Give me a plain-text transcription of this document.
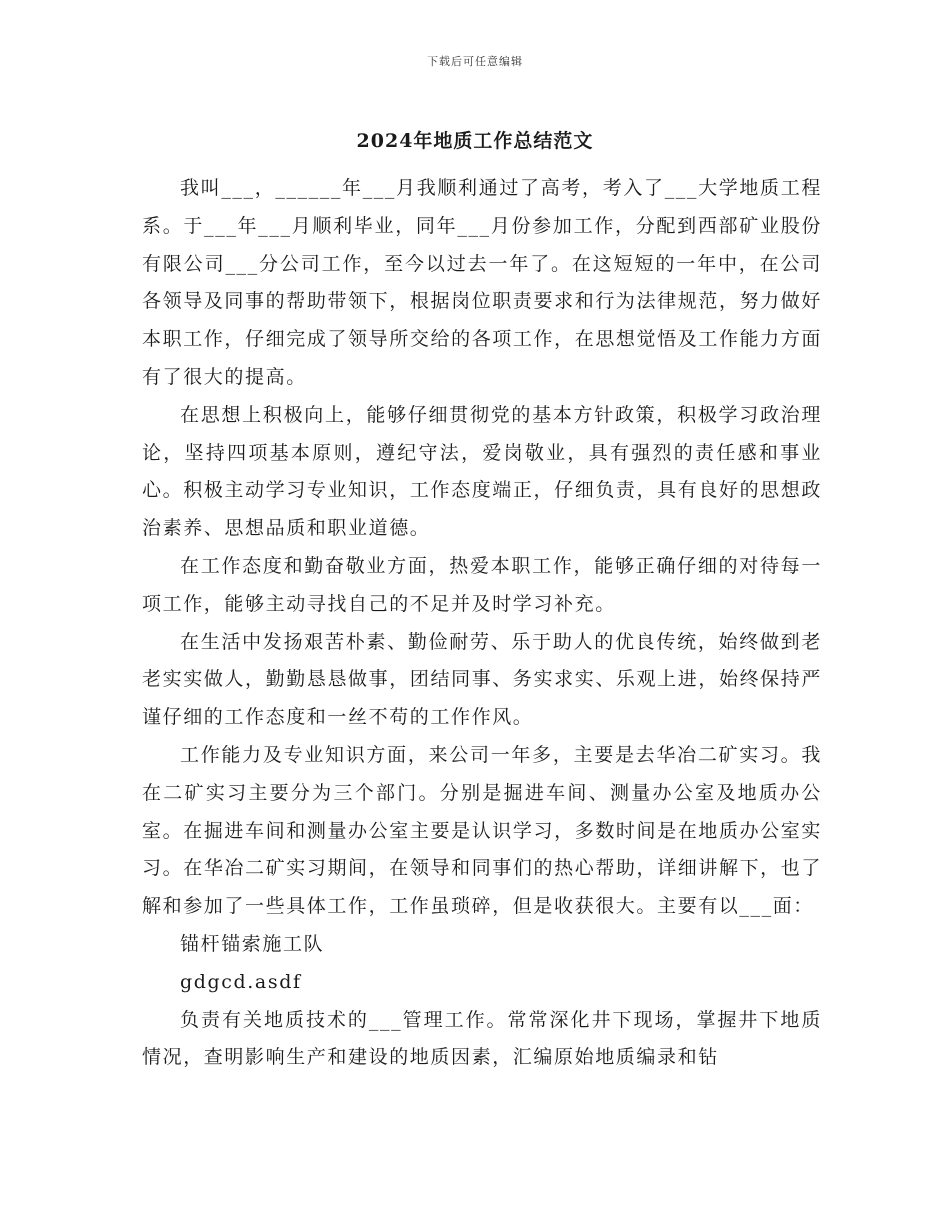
下载后可任意编辑
2024年地质工作总结范文

我叫___，______年___月我顺利通过了高考，考入了___大学地质工程系。于___年___月顺利毕业，同年___月份参加工作，分配到西部矿业股份有限公司___分公司工作，至今以过去一年了。在这短短的一年中，在公司各领导及同事的帮助带领下，根据岗位职责要求和行为法律规范，努力做好本职工作，仔细完成了领导所交给的各项工作，在思想觉悟及工作能力方面有了很大的提高。

在思想上积极向上，能够仔细贯彻党的基本方针政策，积极学习政治理论，坚持四项基本原则，遵纪守法，爱岗敬业，具有强烈的责任感和事业心。积极主动学习专业知识，工作态度端正，仔细负责，具有良好的思想政治素养、思想品质和职业道德。

在工作态度和勤奋敬业方面，热爱本职工作，能够正确仔细的对待每一项工作，能够主动寻找自己的不足并及时学习补充。

在生活中发扬艰苦朴素、勤俭耐劳、乐于助人的优良传统，始终做到老老实实做人，勤勤恳恳做事，团结同事、务实求实、乐观上进，始终保持严谨仔细的工作态度和一丝不苟的工作作风。

工作能力及专业知识方面，来公司一年多，主要是去华冶二矿实习。我在二矿实习主要分为三个部门。分别是掘进车间、测量办公室及地质办公室。在掘进车间和测量办公室主要是认识学习，多数时间是在地质办公室实习。在华冶二矿实习期间，在领导和同事们的热心帮助，详细讲解下，也了解和参加了一些具体工作，工作虽琐碎，但是收获很大。主要有以___面：

锚杆锚索施工队

gdgcd.asdf

负责有关地质技术的___管理工作。常常深化井下现场，掌握井下地质情况，查明影响生产和建设的地质因素，汇编原始地质编录和钻
